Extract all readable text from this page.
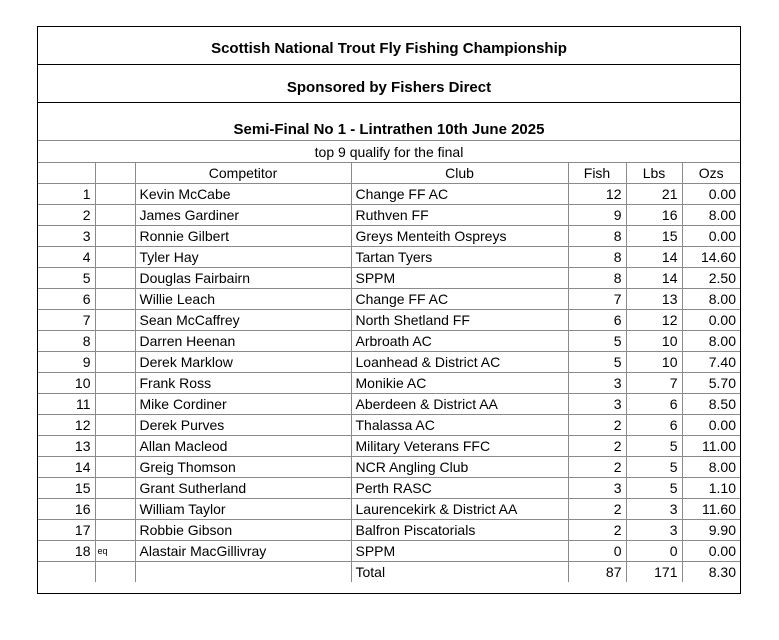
Scottish National Trout Fly Fishing Championship
Sponsored by Fishers Direct
Semi-Final No 1 - Lintrathen 10th June 2025
top 9 qualify for the final
		Competitor	Club	Fish	Lbs	Ozs
1		Kevin McCabe	Change FF AC	12	21	0.00
2		James Gardiner	Ruthven FF	9	16	8.00
3		Ronnie Gilbert	Greys Menteith Ospreys	8	15	0.00
4		Tyler Hay	Tartan Tyers	8	14	14.60
5		Douglas Fairbairn	SPPM	8	14	2.50
6		Willie Leach	Change FF AC	7	13	8.00
7		Sean McCaffrey	North Shetland FF	6	12	0.00
8		Darren Heenan	Arbroath AC	5	10	8.00
9		Derek Marklow	Loanhead & District AC	5	10	7.40
10		Frank Ross	Monikie AC	3	7	5.70
11		Mike Cordiner	Aberdeen & District AA	3	6	8.50
12		Derek Purves	Thalassa AC	2	6	0.00
13		Allan Macleod	Military Veterans FFC	2	5	11.00
14		Greig Thomson	NCR Angling Club	2	5	8.00
15		Grant Sutherland	Perth RASC	3	5	1.10
16		William Taylor	Laurencekirk & District AA	2	3	11.60
17		Robbie Gibson	Balfron Piscatorials	2	3	9.90
18	eq	Alastair MacGillivray	SPPM	0	0	0.00
			Total	87	171	8.30
